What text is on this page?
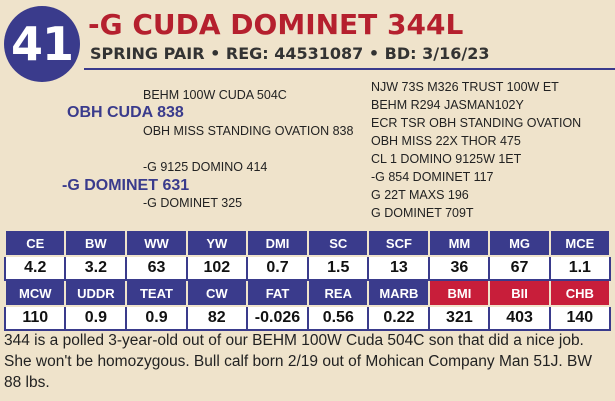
41 -G CUDA DOMINET 344L
SPRING PAIR • REG: 44531087 • BD: 3/16/23
BEHM 100W CUDA 504C
OBH CUDA 838
OBH MISS STANDING OVATION 838
-G 9125 DOMINO 414
-G DOMINET 631
-G DOMINET 325
NJW 73S M326 TRUST 100W ET
BEHM R294 JASMAN102Y
ECR TSR OBH STANDING OVATION
OBH MISS 22X THOR 475
CL 1 DOMINO 9125W 1ET
-G 854 DOMINET 117
G 22T MAXS 196
G DOMINET 709T
CE	BW	WW	YW	DMI	SC	SCF	MM	MG	MCE
4.2	3.2	63	102	0.7	1.5	13	36	67	1.1
MCW	UDDR	TEAT	CW	FAT	REA	MARB	BMI	BII	CHB
110	0.9	0.9	82	-0.026	0.56	0.22	321	403	140
344 is a polled 3-year-old out of our BEHM 100W Cuda 504C son that did a nice job. She won't be homozygous. Bull calf born 2/19 out of Mohican Company Man 51J. BW 88 lbs.
